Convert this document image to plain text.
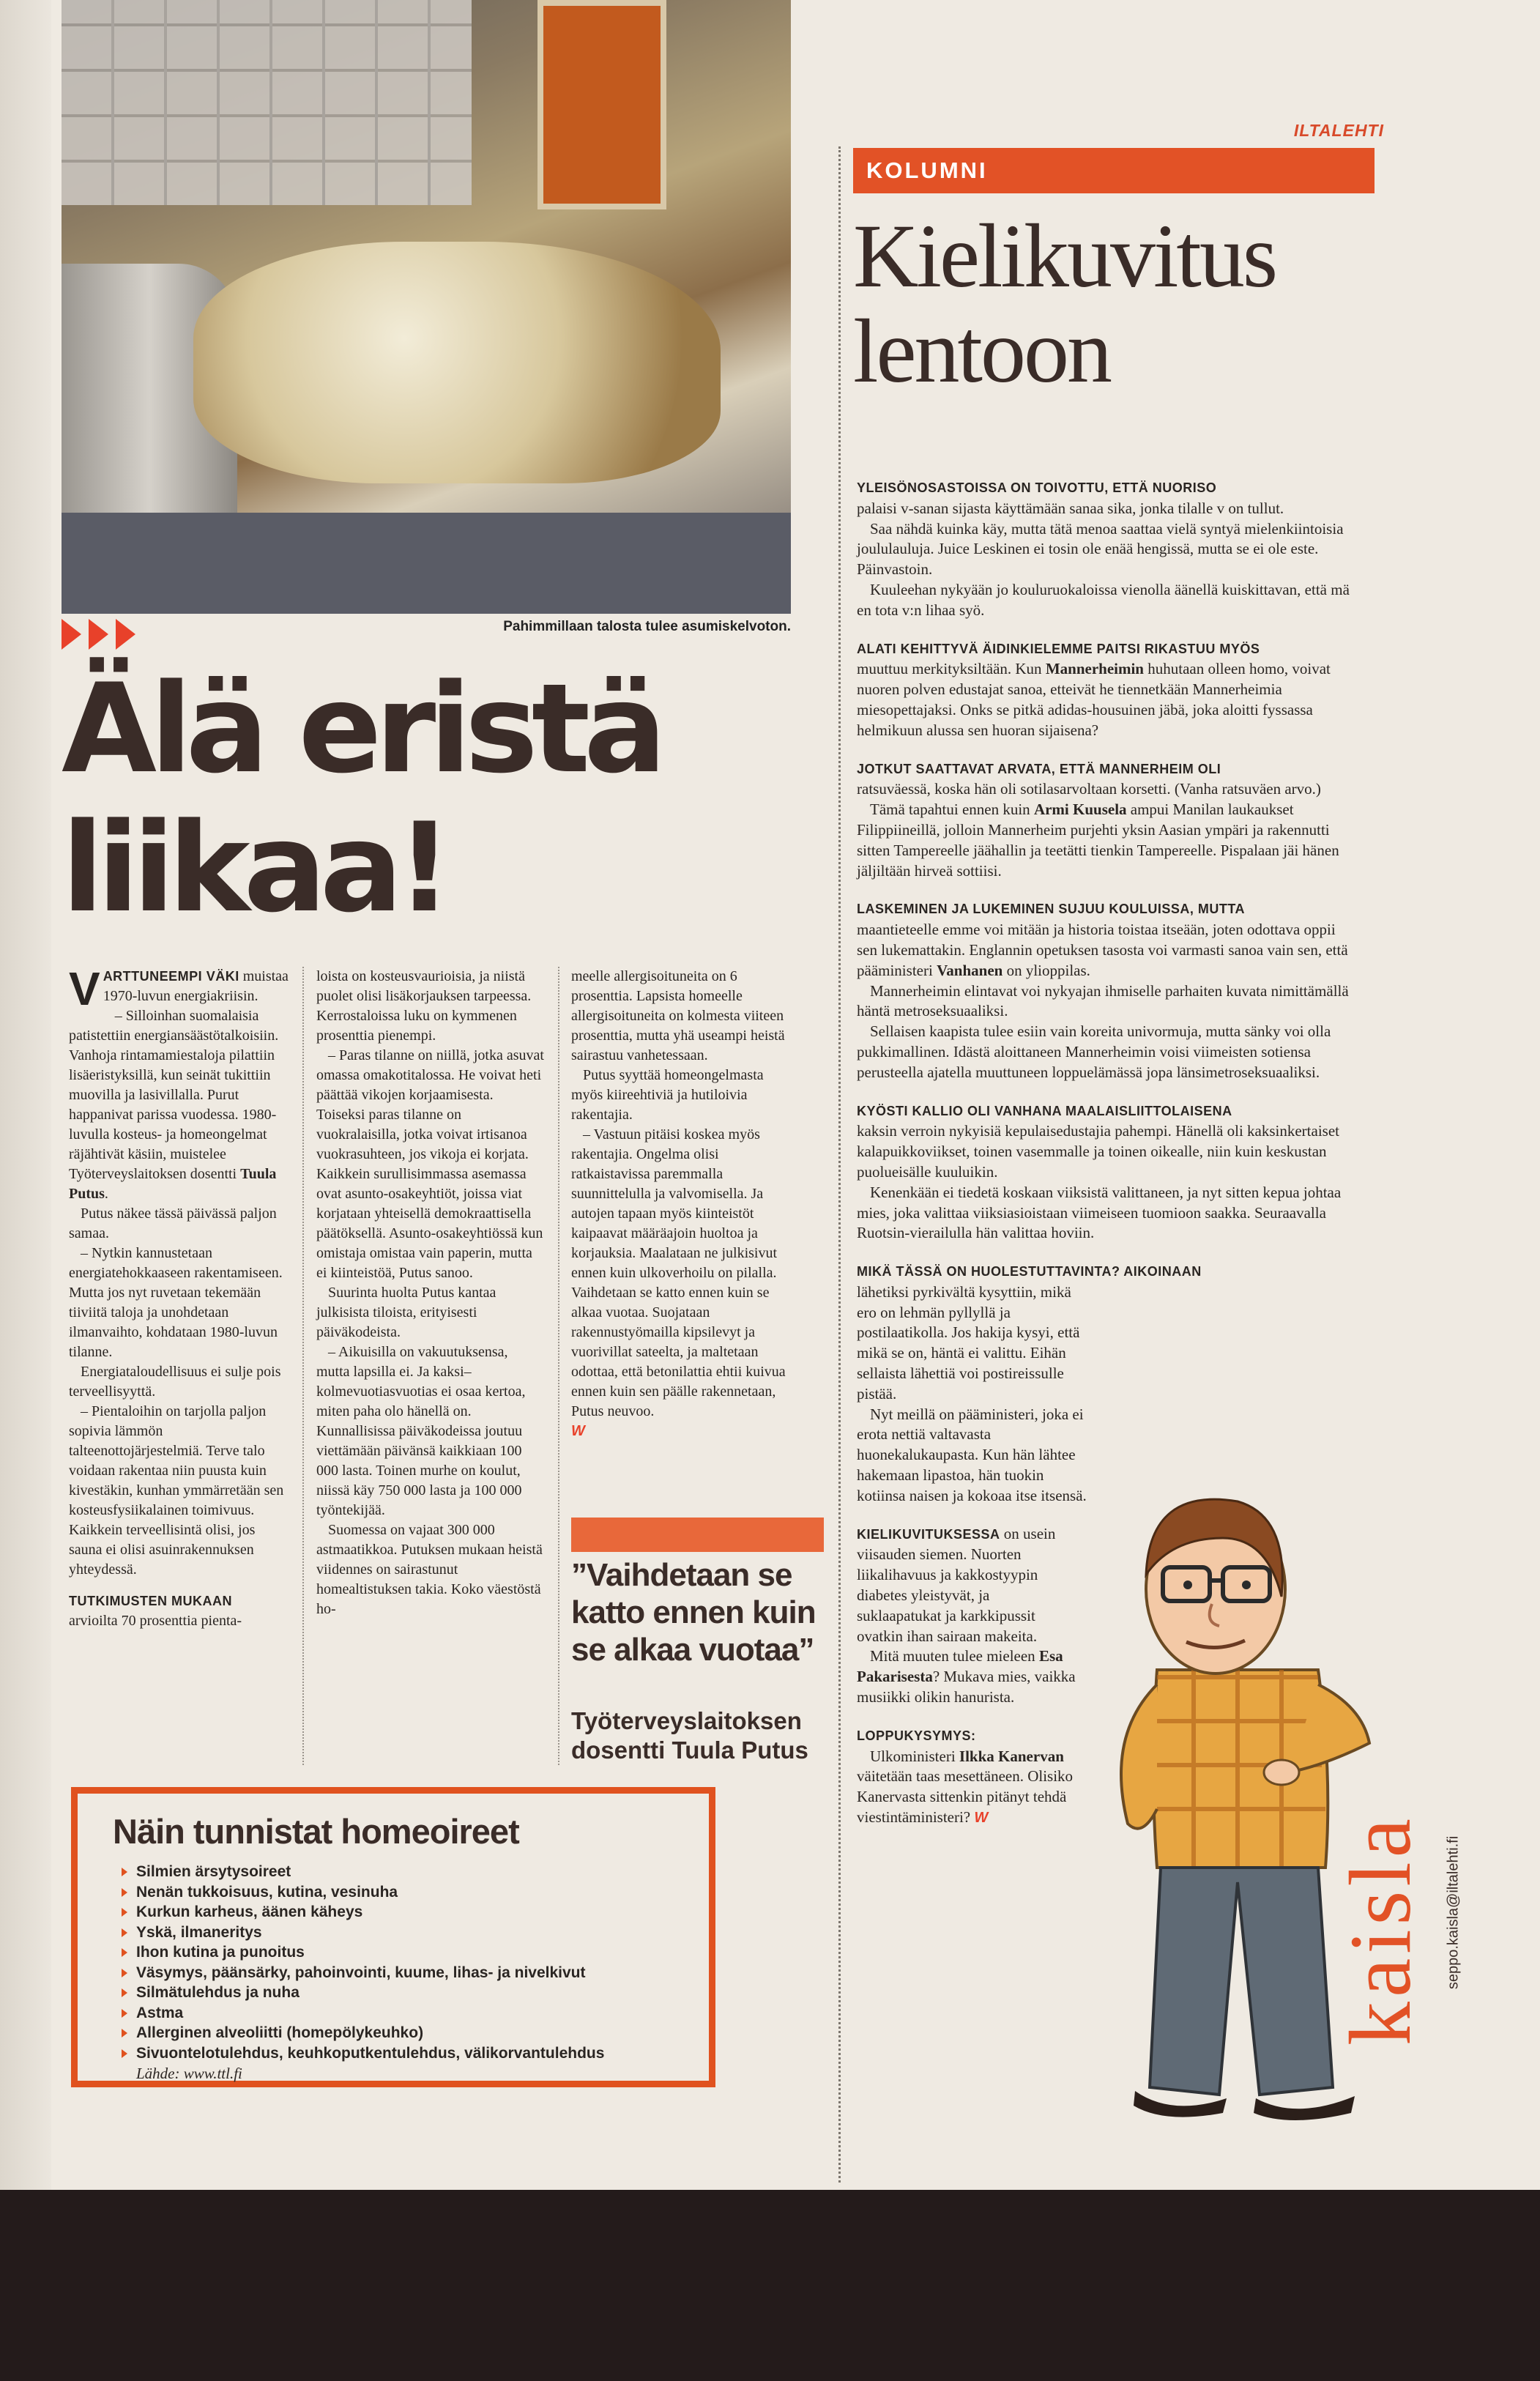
Pahimmillaan talosta tulee asumiskelvoton.
Älä eristä
liikaa!

VARTTUNEEMPI VÄKI muistaa 1970-luvun energiakriisin.

– Silloinhan suomalaisia patistettiin energiansäästötalkoisiin. Vanhoja rintamamiestaloja pilattiin lisäeristyksillä, kun seinät tukittiin muovilla ja lasivillalla. Purut happanivat parissa vuodessa. 1980-luvulla kosteus- ja homeongelmat räjähtivät käsiin, muistelee Työterveyslaitoksen dosentti Tuula Putus.

Putus näkee tässä päivässä paljon samaa.

– Nytkin kannustetaan energiatehokkaaseen rakentamiseen. Mutta jos nyt ruvetaan tekemään tiiviitä taloja ja unohdetaan ilmanvaihto, kohdataan 1980-luvun tilanne.

Energiataloudellisuus ei sulje pois terveellisyyttä.

– Pientaloihin on tarjolla paljon sopivia lämmön talteenottojärjestelmiä. Terve talo voidaan rakentaa niin puusta kuin kivestäkin, kunhan ymmärretään sen kosteusfysiikalainen toimivuus. Kaikkein terveellisintä olisi, jos sauna ei olisi asuinrakennuksen yhteydessä.

TUTKIMUSTEN MUKAAN

arvioilta 70 prosenttia pienta-

loista on kosteusvaurioisia, ja niistä puolet olisi lisäkorjauksen tarpeessa. Kerrostaloissa luku on kymmenen prosenttia pienempi.

– Paras tilanne on niillä, jotka asuvat omassa omakotitalossa. He voivat heti päättää vikojen korjaamisesta. Toiseksi paras tilanne on vuokralaisilla, jotka voivat irtisanoa vuokrasuhteen, jos vikoja ei korjata. Kaikkein surullisimmassa asemassa ovat asunto-osakeyhtiöt, joissa viat korjataan yhteisellä demokraattisella päätöksellä. Asunto-osakeyhtiössä kun omistaja omistaa vain paperin, mutta ei kiinteistöä, Putus sanoo.

Suurinta huolta Putus kantaa julkisista tiloista, erityisesti päiväkodeista.

– Aikuisilla on vakuutuksensa, mutta lapsilla ei. Ja kaksi–kolmevuotiasvuotias ei osaa kertoa, miten paha olo hänellä on. Kunnallisissa päiväkodeissa joutuu viettämään päivänsä kaikkiaan 100 000 lasta. Toinen murhe on koulut, niissä käy 750 000 lasta ja 100 000 työntekijää.

Suomessa on vajaat 300 000 astmaatikkoa. Putuksen mukaan heistä viidennes on sairastunut homealtistuksen takia. Koko väestöstä ho-

meelle allergisoituneita on 6 prosenttia. Lapsista homeelle allergisoituneita on kolmesta viiteen prosenttia, mutta yhä useampi heistä sairastuu vanhetessaan.

Putus syyttää homeongelmasta myös kiireehtiviä ja hutiloivia rakentajia.

– Vastuun pitäisi koskea myös rakentajia. Ongelma olisi ratkaistavissa paremmalla suunnittelulla ja valvomisella. Ja autojen tapaan myös kiinteistöt kaipaavat määräajoin huoltoa ja korjauksia. Maalataan ne julkisivut ennen kuin ulkoverhoilu on pilalla. Vaihdetaan se katto ennen kuin se alkaa vuotaa. Suojataan rakennustyömailla kipsilevyt ja vuorivillat sateelta, ja maltetaan odottaa, että betonilattia ehtii kuivua ennen kuin sen päälle rakennetaan, Putus neuvoo.

W

”Vaihdetaan se katto ennen kuin se alkaa vuotaa”
Työterveyslaitoksen dosentti Tuula Putus
Näin tunnistat homeoireet
Silmien ärsytysoireet
Nenän tukkoisuus, kutina, vesinuha
Kurkun karheus, äänen käheys
Yskä, ilmaneritys
Ihon kutina ja punoitus
Väsymys, päänsärky, pahoinvointi, kuume, lihas- ja nivelkivut
Silmätulehdus ja nuha
Astma
Allerginen alveoliitti (homepölykeuhko)
Sivuontelotulehdus, keuhkoputkentulehdus, välikorvantulehdus
Lähde: www.ttl.fi
ILTALEHTI
KOLUMNI
Kielikuvitus
lentoon

YLEISÖNOSASTOISSA ON TOIVOTTU, ETTÄ NUORISO

palaisi v-sanan sijasta käyttämään sanaa sika, jonka tilalle v on tullut.

Saa nähdä kuinka käy, mutta tätä menoa saattaa vielä syntyä mielenkiintoisia joululauluja. Juice Leskinen ei tosin ole enää hengissä, mutta se ei ole este. Päinvastoin.

Kuuleehan nykyään jo kouluruokaloissa vienolla äänellä kuiskittavan, että mä en tota v:n lihaa syö.

ALATI KEHITTYVÄ ÄIDINKIELEMME PAITSI RIKASTUU MYÖS

muuttuu merkityksiltään. Kun Mannerheimin huhutaan olleen homo, voivat nuoren polven edustajat sanoa, etteivät he tiennetkään Mannerheimia miesopettajaksi. Onks se pitkä adidas-housuinen jäbä, joka aloitti fyssassa helmikuun alussa sen huoran sijaisena?

JOTKUT SAATTAVAT ARVATA, ETTÄ MANNERHEIM OLI

ratsuväessä, koska hän oli sotilasarvoltaan korsetti. (Vanha ratsuväen arvo.)

Tämä tapahtui ennen kuin Armi Kuusela ampui Manilan laukaukset Filippiineillä, jolloin Mannerheim purjehti yksin Aasian ympäri ja rakennutti sitten Tampereelle jäähallin ja teetätti tienkin Tampereelle. Pispalaan jäi hänen jäljiltään hirveä sottiisi.

LASKEMINEN JA LUKEMINEN SUJUU KOULUISSA, MUTTA

maantieteelle emme voi mitään ja historia toistaa itseään, joten odottava oppii sen lukemattakin. Englannin opetuksen tasosta voi varmasti sanoa vain sen, että pääministeri Vanhanen on ylioppilas.

Mannerheimin elintavat voi nykyajan ihmiselle parhaiten kuvata nimittämällä häntä metroseksuaaliksi.

Sellaisen kaapista tulee esiin vain koreita univormuja, mutta sänky voi olla pukkimallinen. Idästä aloittaneen Mannerheimin voisi viimeisten sotiensa perusteella ajatella muuttuneen loppuelämässä jopa länsimetroseksuaaliksi.

KYÖSTI KALLIO OLI VANHANA MAALAISLIITTOLAISENA

kaksin verroin nykyisiä kepulaisedustajia pahempi. Hänellä oli kaksinkertaiset kalapuikkoviikset, toinen vasemmalle ja toinen oikealle, niin kuin keskustan puolueisälle kuuluikin.

Kenenkään ei tiedetä koskaan viiksistä valittaneen, ja nyt sitten kepua johtaa mies, joka valittaa viiksiasioistaan viimeiseen tuomioon saakka. Seuraavalla Ruotsin-vierailulla hän valittaa hoviin.

MIKÄ TÄSSÄ ON HUOLESTUTTAVINTA? AIKOINAAN

lähetiksi pyrkivältä kysyttiin, mikä ero on lehmän pyllyllä ja postilaatikolla. Jos hakija kysyi, että mikä se on, häntä ei valittu. Eihän sellaista lähettiä voi postireissulle pistää.

Nyt meillä on pääministeri, joka ei erota nettiä valtavasta huonekalukaupasta. Kun hän lähtee hakemaan lipastoa, hän tuokin kotiinsa naisen ja kokoaa itse itsensä.

KIELIKUVITUKSESSA on usein viisauden siemen. Nuorten liikalihavuus ja kakkostyypin diabetes yleistyvät, ja suklaapatukat ja karkkipussit ovatkin ihan sairaan makeita.

Mitä muuten tulee mieleen Esa Pakarisesta? Mukava mies, vaikka musiikki olikin hanurista.

LOPPUKYSYMYS:

Ulkoministeri Ilkka Kanervan väitetään taas mesettäneen. Olisiko Kanervasta sittenkin pitänyt tehdä viestintäministeri? W	kaisla seppo.kaisla@iltalehti.fi
